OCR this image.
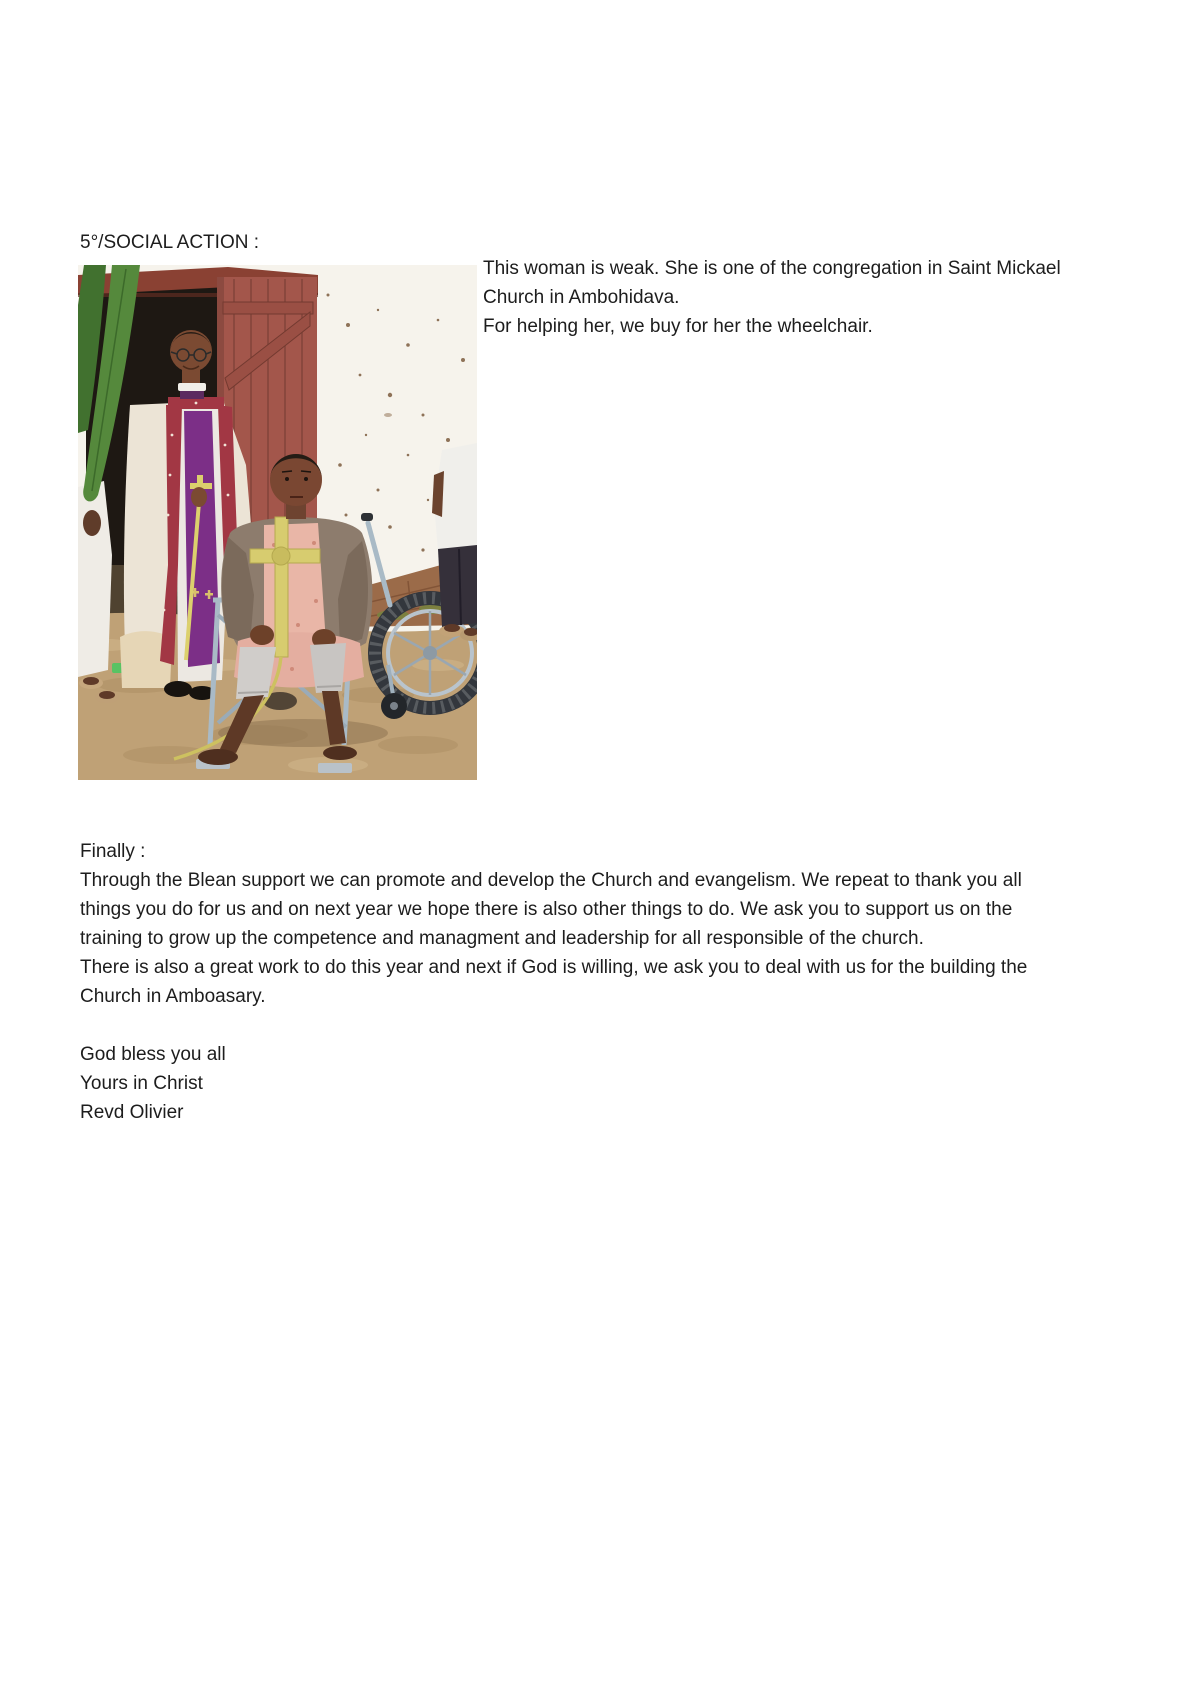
5°/SOCIAL ACTION :
This woman is weak. She is one of the congregation in Saint Mickael
Church in Ambohidava.
For helping her, we buy for her the wheelchair.
Finally :
Through the Blean support we can promote and develop the Church and evangelism. We repeat to thank you all
things you do for us and on next year we hope there is also other things to do. We ask you to support us on the
training to grow up the competence and managment and leadership for all responsible of the church.
There is also a great work to do this year and next if God is willing, we ask you to deal with us for the building the
Church in Amboasary.
God bless you all
Yours in Christ
Revd Olivier
